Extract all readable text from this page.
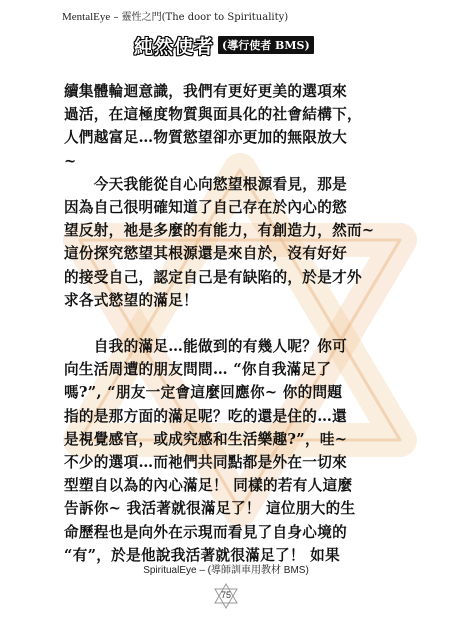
MentalEye – 靈性之門(The door to Spirituality)
純然使者 (導行使者 BMS)

續集體輪迴意識，我們有更好更美的選項來
過活，在這極度物質與面具化的社會結構下，
人們越富足…物質慾望卻亦更加的無限放大
~

　　今天我能從自心向慾望根源看見，那是
因為自己很明確知道了自己存在於內心的慾
望反射，祂是多麼的有能力，有創造力，然而~
這份探究慾望其根源還是來自於，沒有好好
的接受自己，認定自己是有缺陷的，於是才外
求各式慾望的滿足！

　　自我的滿足…能做到的有幾人呢？你可
向生活周遭的朋友問問… “你自我滿足了
嗎?”, “朋友一定會這麼回應你~ 你的問題
指的是那方面的滿足呢？吃的還是住的…還
是視覺感官，或成究感和生活樂趣?”，哇~
不少的選項…而祂們共同點都是外在一切來
型塑自以為的內心滿足！ 同樣的若有人這麼
告訴你~ 我活著就很滿足了！ 這位朋大的生
命歷程也是向外在示現而看見了自身心境的
“有”，於是他說我活著就很滿足了！ 如果

SpiritualEye – (導師訓車用教材 BMS)
75
